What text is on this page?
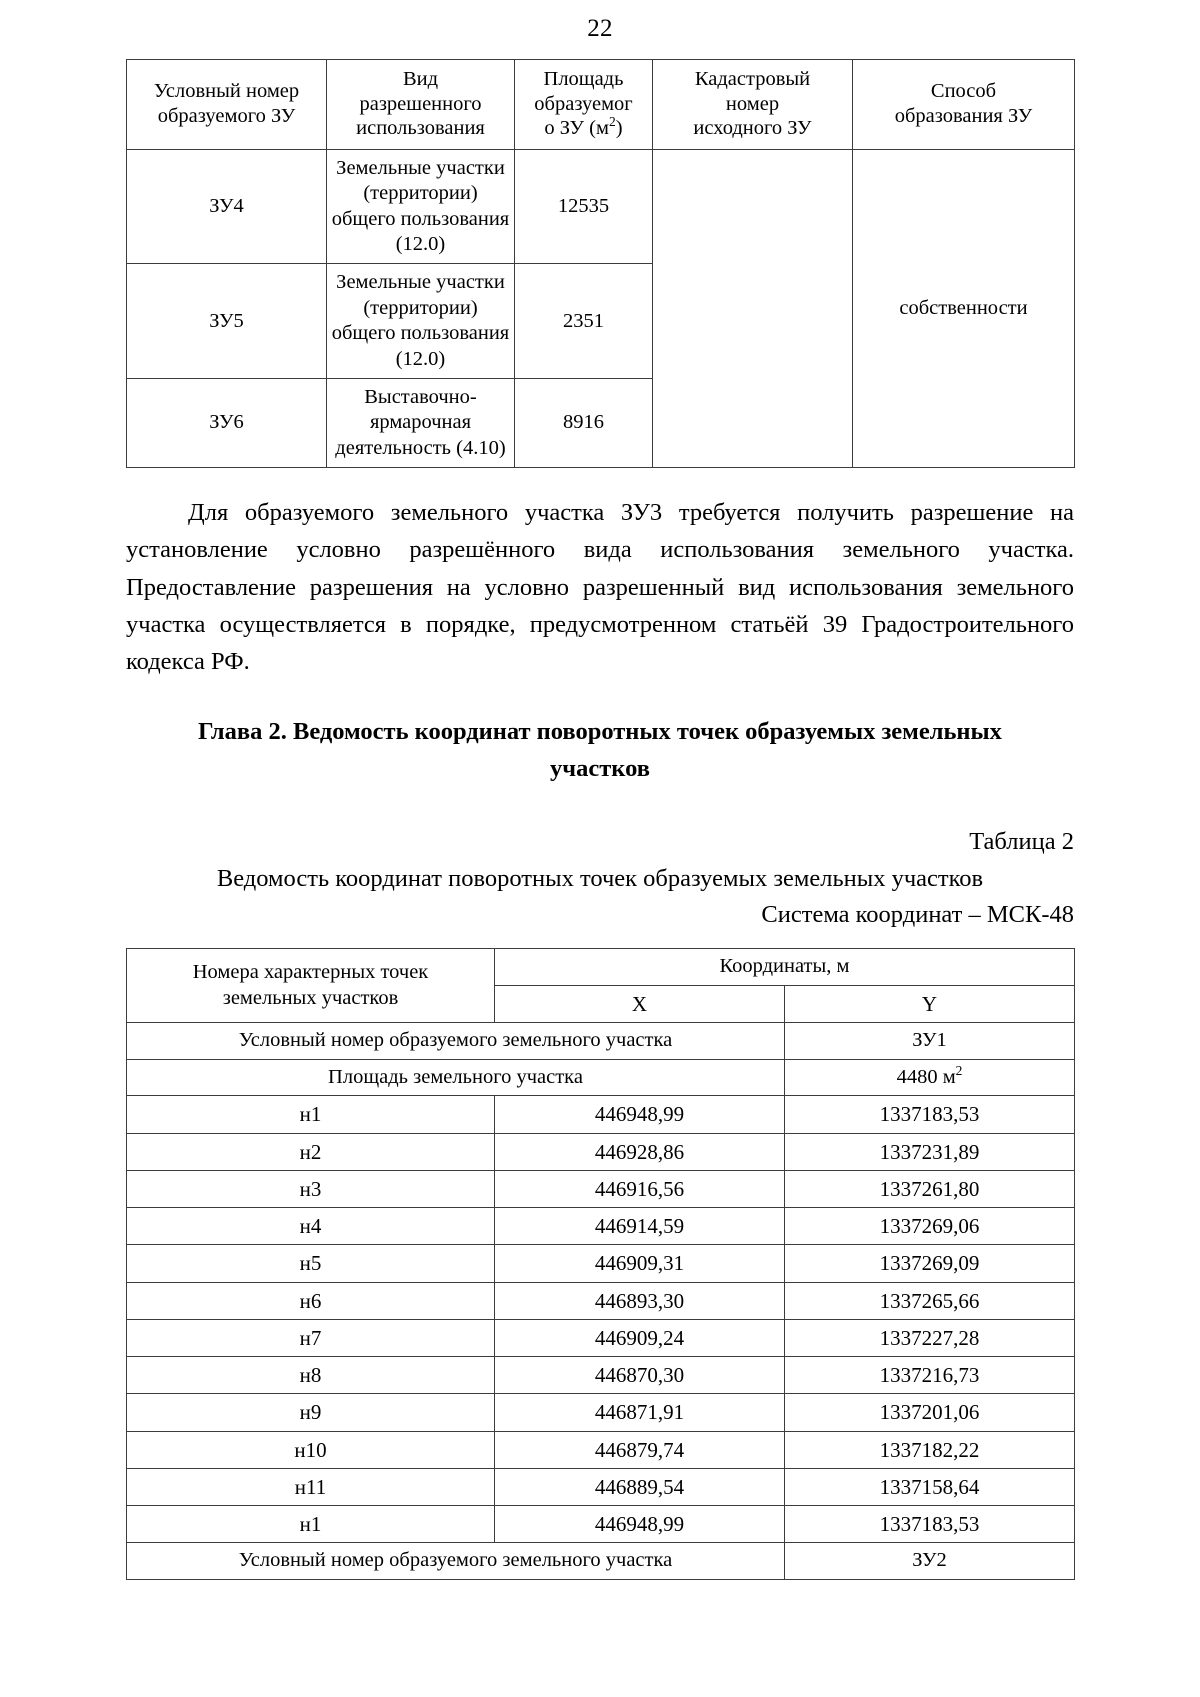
22
Условный номер
образуемого ЗУ	Вид
разрешенного
использования	Площадь
образуемог
о ЗУ $(м^2)$	Кадастровый
номер
исходного ЗУ	Способ
образования ЗУ
ЗУ4	Земельные участки (территории) общего пользования (12.0)	12535		собственности
ЗУ5	Земельные участки (территории) общего пользования (12.0)	2351		
ЗУ6	Выставочно-ярмарочная деятельность (4.10)	8916		

Для образуемого земельного участка ЗУ3 требуется получить разрешение на установление условно разрешённого вида использования земельного участка. Предоставление разрешения на условно разрешенный вид использования земельного участка осуществляется в порядке, предусмотренном статьёй 39 Градостроительного кодекса РФ.

Глава 2. Ведомость координат поворотных точек образуемых земельных участков
Таблица 2
Ведомость координат поворотных точек образуемых земельных участков
Система координат – МСК-48
Номера характерных точек
земельных участков	Координаты, м	
	X	Y
Условный номер образуемого земельного участка		ЗУ1
Площадь земельного участка		4480 $м^2$
н1	446948,99	1337183,53
н2	446928,86	1337231,89
н3	446916,56	1337261,80
н4	446914,59	1337269,06
н5	446909,31	1337269,09
н6	446893,30	1337265,66
н7	446909,24	1337227,28
н8	446870,30	1337216,73
н9	446871,91	1337201,06
н10	446879,74	1337182,22
н11	446889,54	1337158,64
н1	446948,99	1337183,53
Условный номер образуемого земельного участка		ЗУ2
